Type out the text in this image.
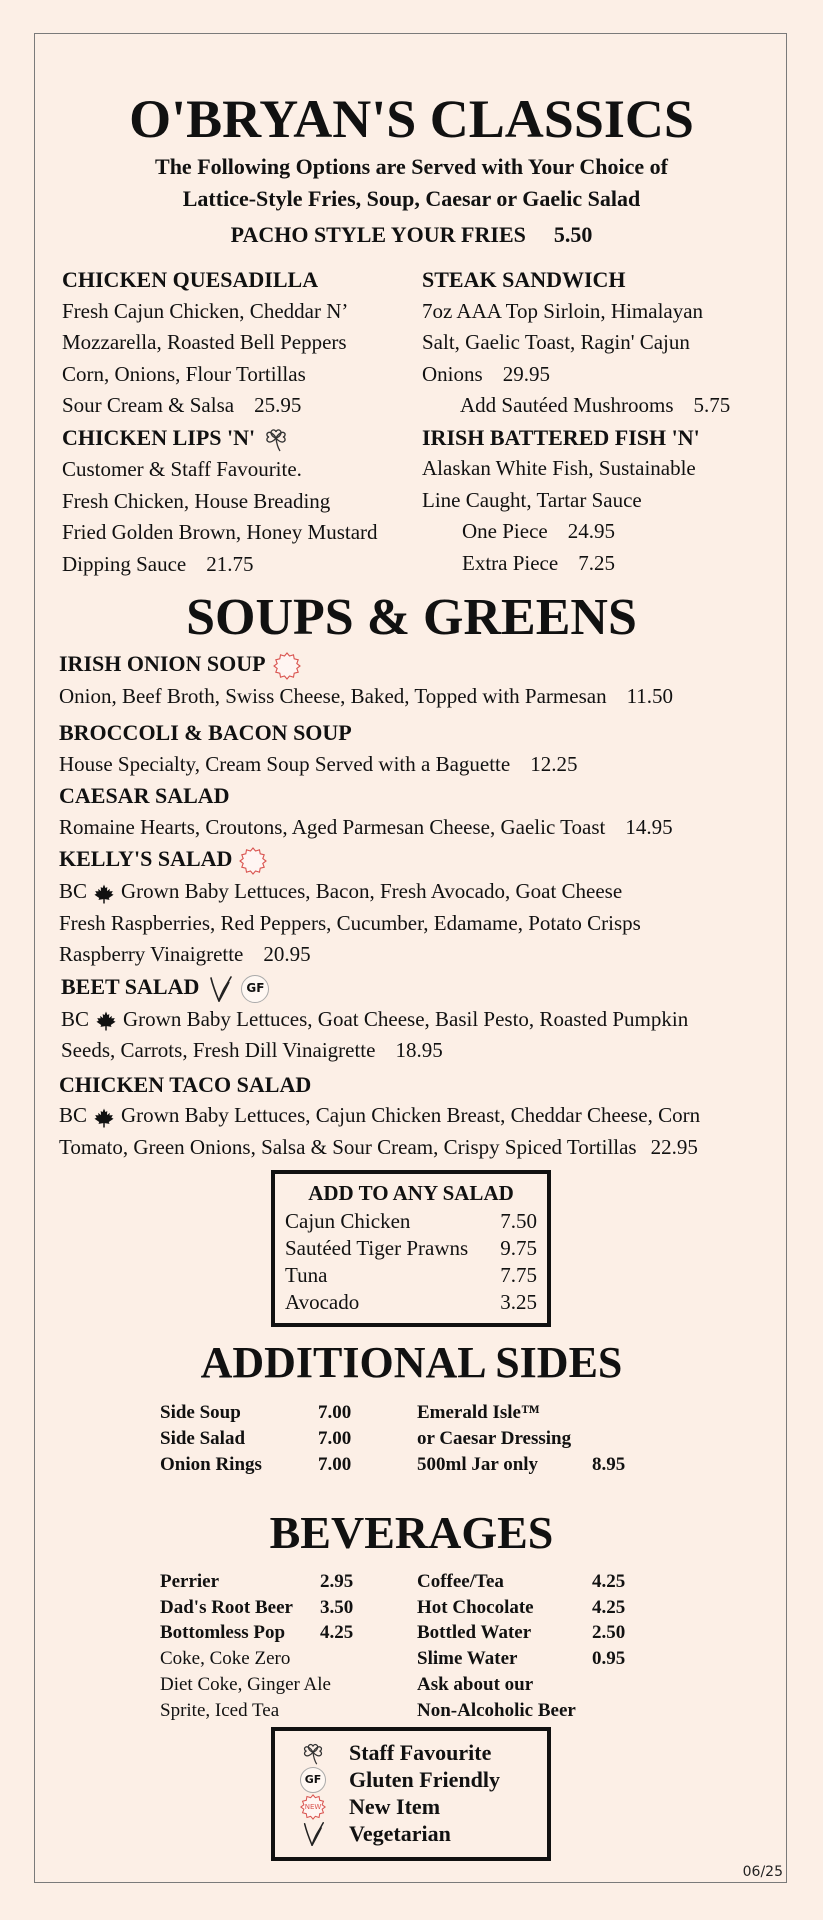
O'BRYAN'S CLASSICS
The Following Options are Served with Your Choice of
Lattice-Style Fries, Soup, Caesar or Gaelic Salad
PACHO STYLE YOUR FRIES 5.50
CHICKEN QUESADILLA
Fresh Cajun Chicken, Cheddar N’
Mozzarella, Roasted Bell Peppers
Corn, Onions, Flour Tortillas
Sour Cream & Salsa 25.95
CHICKEN LIPS 'N'
Customer & Staff Favourite.
Fresh Chicken, House Breading
Fried Golden Brown, Honey Mustard
Dipping Sauce 21.75
STEAK SANDWICH
7oz AAA Top Sirloin, Himalayan
Salt, Gaelic Toast, Ragin' Cajun
Onions 29.95
Add Sautéed Mushrooms 5.75
IRISH BATTERED FISH 'N'
Alaskan White Fish, Sustainable
Line Caught, Tartar Sauce
One Piece 24.95
Extra Piece 7.25
SOUPS & GREENS
IRISH ONION SOUP
Onion, Beef Broth, Swiss Cheese, Baked, Topped with Parmesan 11.50
BROCCOLI & BACON SOUP
House Specialty, Cream Soup Served with a Baguette 12.25
CAESAR SALAD
Romaine Hearts, Croutons, Aged Parmesan Cheese, Gaelic Toast 14.95
KELLY'S SALAD
BC Grown Baby Lettuces, Bacon, Fresh Avocado, Goat Cheese
Fresh Raspberries, Red Peppers, Cucumber, Edamame, Potato Crisps
Raspberry Vinaigrette 20.95
BEET SALAD	GF
BC Grown Baby Lettuces, Goat Cheese, Basil Pesto, Roasted Pumpkin
Seeds, Carrots, Fresh Dill Vinaigrette 18.95
CHICKEN TACO SALAD
BC Grown Baby Lettuces, Cajun Chicken Breast, Cheddar Cheese, Corn
Tomato, Green Onions, Salsa & Sour Cream, Crispy Spiced Tortillas 22.95
ADD TO ANY SALAD
Cajun Chicken	7.50
Sautéed Tiger Prawns 9.75
Tuna	7.75
Avocado	3.25
ADDITIONAL SIDES
Side Soup	7.00
Side Salad	7.00
Onion Rings	7.00
Emerald Isle™
or Caesar Dressing
500ml Jar only	8.95
BEVERAGES
Perrier	2.95
Dad's Root Beer	3.50
Bottomless Pop	4.25
Coke, Coke Zero
Diet Coke, Ginger Ale
Sprite, Iced Tea
Coffee/Tea	4.25
Hot Chocolate	4.25
Bottled Water	2.50
Slime Water	0.95
Ask about our
Non-Alcoholic Beer
Staff Favourite
GF Gluten Friendly
NEW New Item
Vegetarian
06/25
